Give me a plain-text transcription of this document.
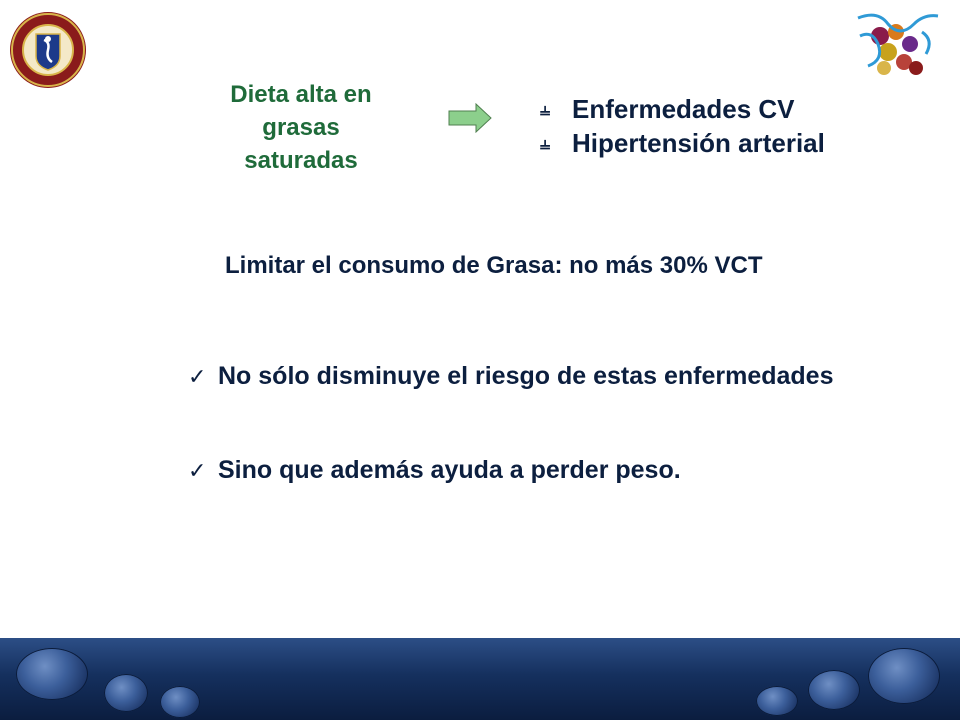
Dieta alta en
grasas
saturadas
⫨ Enfermedades CV
⫨ Hipertensión arterial
Limitar el consumo de Grasa: no más 30% VCT
✓ No sólo disminuye el riesgo de estas enfermedades
✓ Sino que además ayuda a perder peso.
